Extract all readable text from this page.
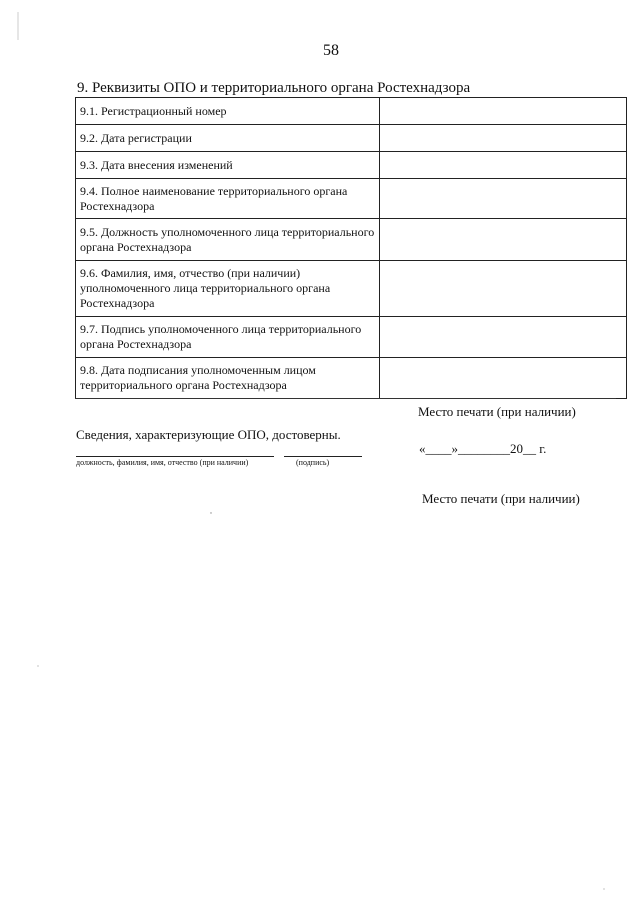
58
9. Реквизиты ОПО и территориального органа Ростехнадзора
9.1. Регистрационный номер	
9.2. Дата регистрации	
9.3. Дата внесения изменений	
9.4. Полное наименование территориального органа Ростехнадзора	
9.5. Должность уполномоченного лица территориального органа Ростехнадзора	
9.6. Фамилия, имя, отчество (при наличии) уполномоченного лица территориального органа Ростехнадзора	
9.7. Подпись уполномоченного лица территориального органа Ростехнадзора	
9.8. Дата подписания уполномоченным лицом территориального органа Ростехнадзора	
Место печати (при наличии)
Сведения, характеризующие ОПО, достоверны.
«____»________20__ г.
должность, фамилия, имя, отчество (при наличии)	(подпись)
Место печати (при наличии)
